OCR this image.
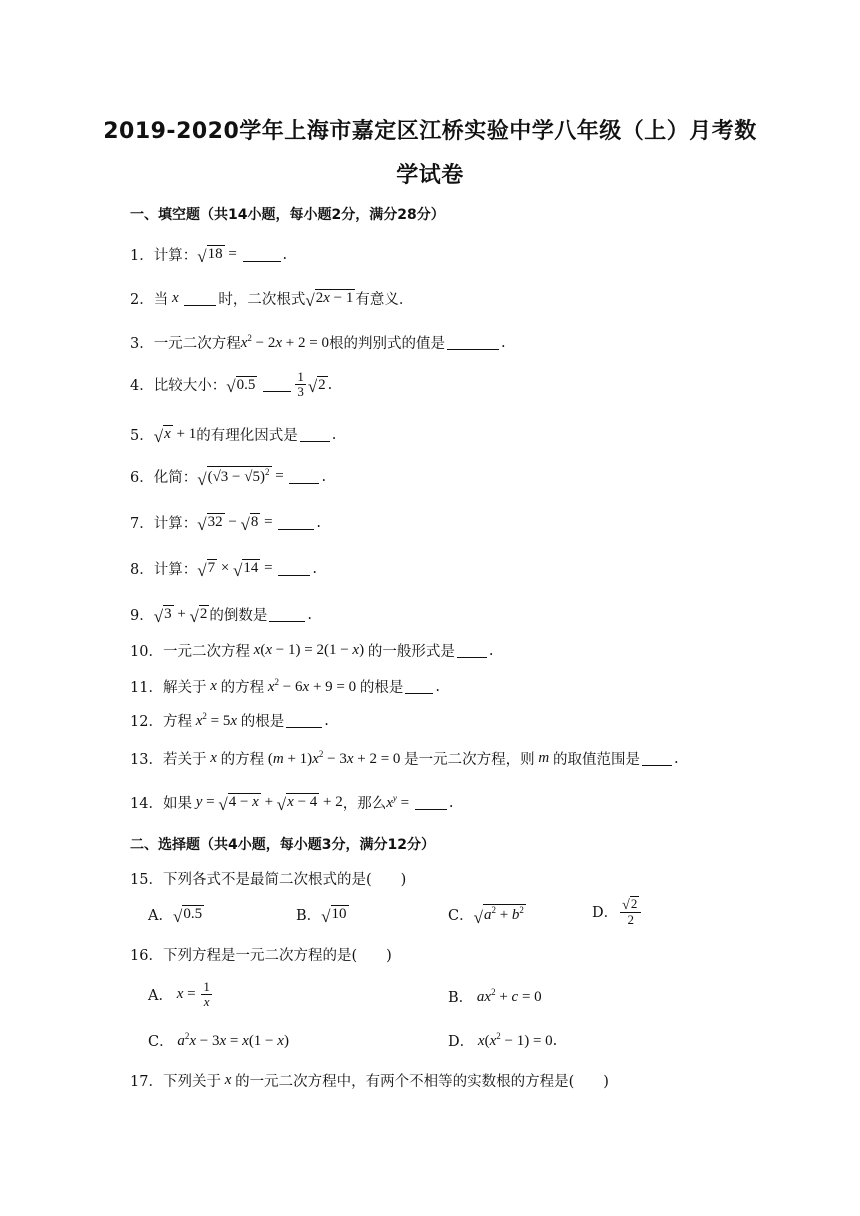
2019-2020学年上海市嘉定区江桥实验中学八年级（上）月考数
学试卷
一、填空题（共14小题，每小题2分，满分28分）
1． 计算： √ 18 =	.
2． 当 x 时，二次根式 √ 2x − 1 有意义．
3． 一元二次方程 $x^2 - 2x + 2 = 0$ 根的判别式的值是	.
4． 比较大小： √ 0.5	$\frac{1}{3}$ √ 2 .
5． √ x + 1 的有理化因式是 .
6． 化简： √ $(√3 - √5)^2$ = .
7． 计算： √ 32 − √ 8 =	.
8． 计算： √ 7 × √ 14 = .
9． √ 3 + √ 2 的倒数是	.
10． 一元二次方程 x(x − 1) = 2(1 − x) 的一般形式是 .
11． 解关于 x 的方程 $x^2 - 6x + 9 = 0$ 的根是 .
12． 方程 $x^2 = 5x$ 的根是	.
13． 若关于 x 的方程 $(m + 1)x^2 - 3x + 2 = 0$ 是一元二次方程，则 m 的取值范围是 .
14． 如果 y = √ 4 − x + √ x − 4 + 2 ，那么 $x^y$ = .
二、选择题（共4小题，每小题3分，满分12分）
15． 下列各式不是最简二次根式的是 (　　)
A． √ 0.5	B． √ 10	C． √ $a^2 + b^2$	D． $\frac{√ 2}{2}$
16． 下列方程是一元二次方程的是 (　　)
A． $x = \frac{1}{x}$	B． $ax^2 + c = 0$
C． $a^2x - 3x = x(1 - x)$	D． $x(x^2 - 1) = 0$ .
17． 下列关于 x 的一元二次方程中，有两个不相等的实数根的方程是 (　　)
